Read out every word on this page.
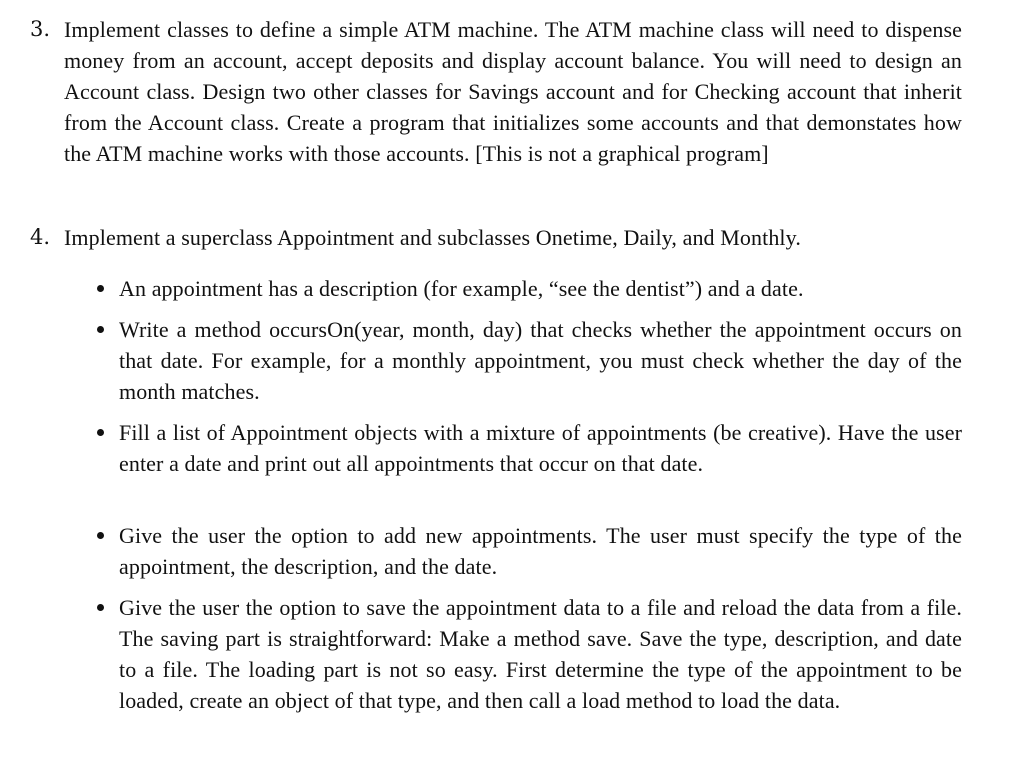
3. Implement classes to define a simple ATM machine. The ATM machine class will need to dispense money from an account, accept deposits and display account balance. You will need to design an Account class. Design two other classes for Savings account and for Checking account that inherit from the Account class. Create a program that initializes some accounts and that demonstates how the ATM machine works with those accounts. [This is not a graphical program]

4. Implement a superclass Appointment and subclasses Onetime, Daily, and Monthly.

An appointment has a description (for example, “see the dentist”) and a date.

Write a method occursOn(year, month, day) that checks whether the appointment occurs on that date. For example, for a monthly appointment, you must check whether the day of the month matches.

Fill a list of Appointment objects with a mixture of appointments (be creative). Have the user enter a date and print out all appointments that occur on that date.

Give the user the option to add new appointments. The user must specify the type of the appointment, the description, and the date.

Give the user the option to save the appointment data to a file and reload the data from a file. The saving part is straightforward: Make a method save. Save the type, description, and date to a file. The loading part is not so easy. First determine the type of the appointment to be loaded, create an object of that type, and then call a load method to load the data.
